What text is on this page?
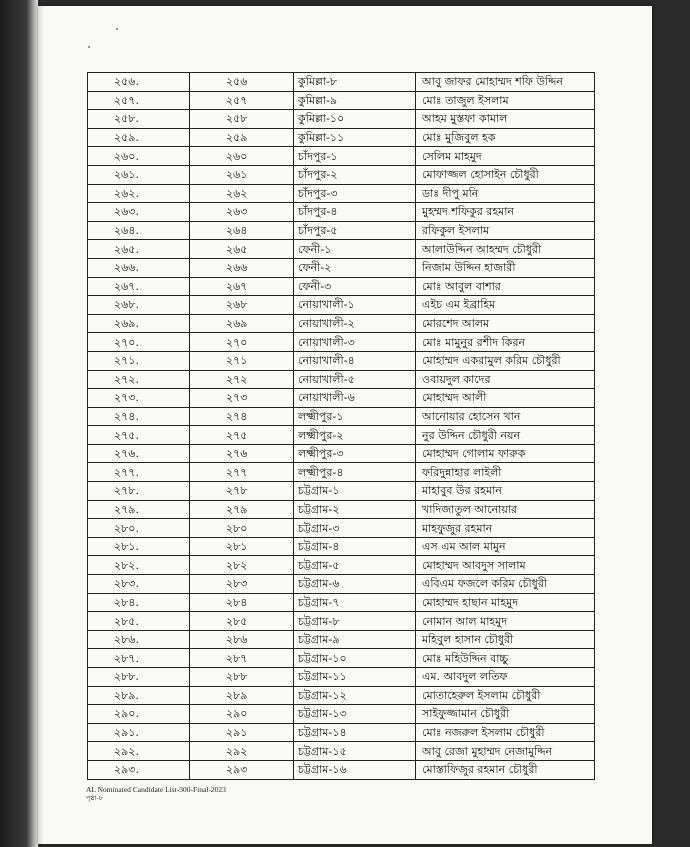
২৫৬.	২৫৬	কুমিল্লা-৮	আবু জাফর মোহাম্মদ শফি উদ্দিন
২৫৭.	২৫৭	কুমিল্লা-৯	মোঃ তাজুল ইসলাম
২৫৮.	২৫৮	কুমিল্লা-১০	আহম মুস্তফা কামাল
২৫৯.	২৫৯	কুমিল্লা-১১	মোঃ মুজিবুল হক
২৬০.	২৬০	চাঁদপুর-১	সেলিম মাহমুদ
২৬১.	২৬১	চাঁদপুর-২	মোফাজ্জল হোসাইন চৌধুরী
২৬২.	২৬২	চাঁদপুর-৩	ডাঃ দীপু মনি
২৬৩.	২৬৩	চাঁদপুর-৪	মুহম্মদ শফিকুর রহমান
২৬৪.	২৬৪	চাঁদপুর-৫	রফিকুল ইসলাম
২৬৫.	২৬৫	ফেনী-১	আলাউদ্দিন আহম্মদ চৌধুরী
২৬৬.	২৬৬	ফেনী-২	নিজাম উদ্দিন হাজারী
২৬৭.	২৬৭	ফেনী-৩	মোঃ আবুল বাশার
২৬৮.	২৬৮	নোয়াখালী-১	এইচ এম ইব্রাহিম
২৬৯.	২৬৯	নোয়াখালী-২	মোরশেদ আলম
২৭০.	২৭০	নোয়াখালী-৩	মোঃ মামুনুর রশীদ কিরন
২৭১.	২৭১	নোয়াখালী-৪	মোহাম্মদ একরামুল করিম চৌধুরী
২৭২.	২৭২	নোয়াখালী-৫	ওবায়দুল কাদের
২৭৩.	২৭৩	নোয়াখালী-৬	মোহাম্মদ আলী
২৭৪.	২৭৪	লক্ষ্মীপুর-১	আনোয়ার হোসেন খান
২৭৫.	২৭৫	লক্ষ্মীপুর-২	নুর উদ্দিন চৌধুরী নয়ন
২৭৬.	২৭৬	লক্ষ্মীপুর-৩	মোহাম্মদ গোলাম ফারুক
২৭৭.	২৭৭	লক্ষ্মীপুর-৪	ফরিদুন্নাহার লাইলী
২৭৮.	২৭৮	চট্টগ্রাম-১	মাহাবুব উর রহমান
২৭৯.	২৭৯	চট্টগ্রাম-২	খাদিজাতুল আনোয়ার
২৮০.	২৮০	চট্টগ্রাম-৩	মাহফুজুর রহমান
২৮১.	২৮১	চট্টগ্রাম-৪	এস এম আল মামুন
২৮২.	২৮২	চট্টগ্রাম-৫	মোহাম্মদ আবদুস সালাম
২৮৩.	২৮৩	চট্টগ্রাম-৬	এবিএম ফজলে করিম চৌধুরী
২৮৪.	২৮৪	চট্টগ্রাম-৭	মোহাম্মদ হাছান মাহমুদ
২৮৫.	২৮৫	চট্টগ্রাম-৮	নোমান আল মাহমুদ
২৮৬.	২৮৬	চট্টগ্রাম-৯	মহিবুল হাসান চৌধুরী
২৮৭.	২৮৭	চট্টগ্রাম-১০	মোঃ মহিউদ্দিন বাচ্চু
২৮৮.	২৮৮	চট্টগ্রাম-১১	এম. আবদুল লতিফ
২৮৯.	২৮৯	চট্টগ্রাম-১২	মোতাহেরুল ইসলাম চৌধুরী
২৯০.	২৯০	চট্টগ্রাম-১৩	সাইফুজ্জামান চৌধুরী
২৯১.	২৯১	চট্টগ্রাম-১৪	মোঃ নজরুল ইসলাম চৌধুরী
২৯২.	২৯২	চট্টগ্রাম-১৫	আবু রেজা মুহাম্মদ নেজামুদ্দিন
২৯৩.	২৯৩	চট্টগ্রাম-১৬	মোস্তাফিজুর রহমান চৌধুরী
AL Nominated Candidate List-300-Final-2023
পৃষ্ঠা-৮
